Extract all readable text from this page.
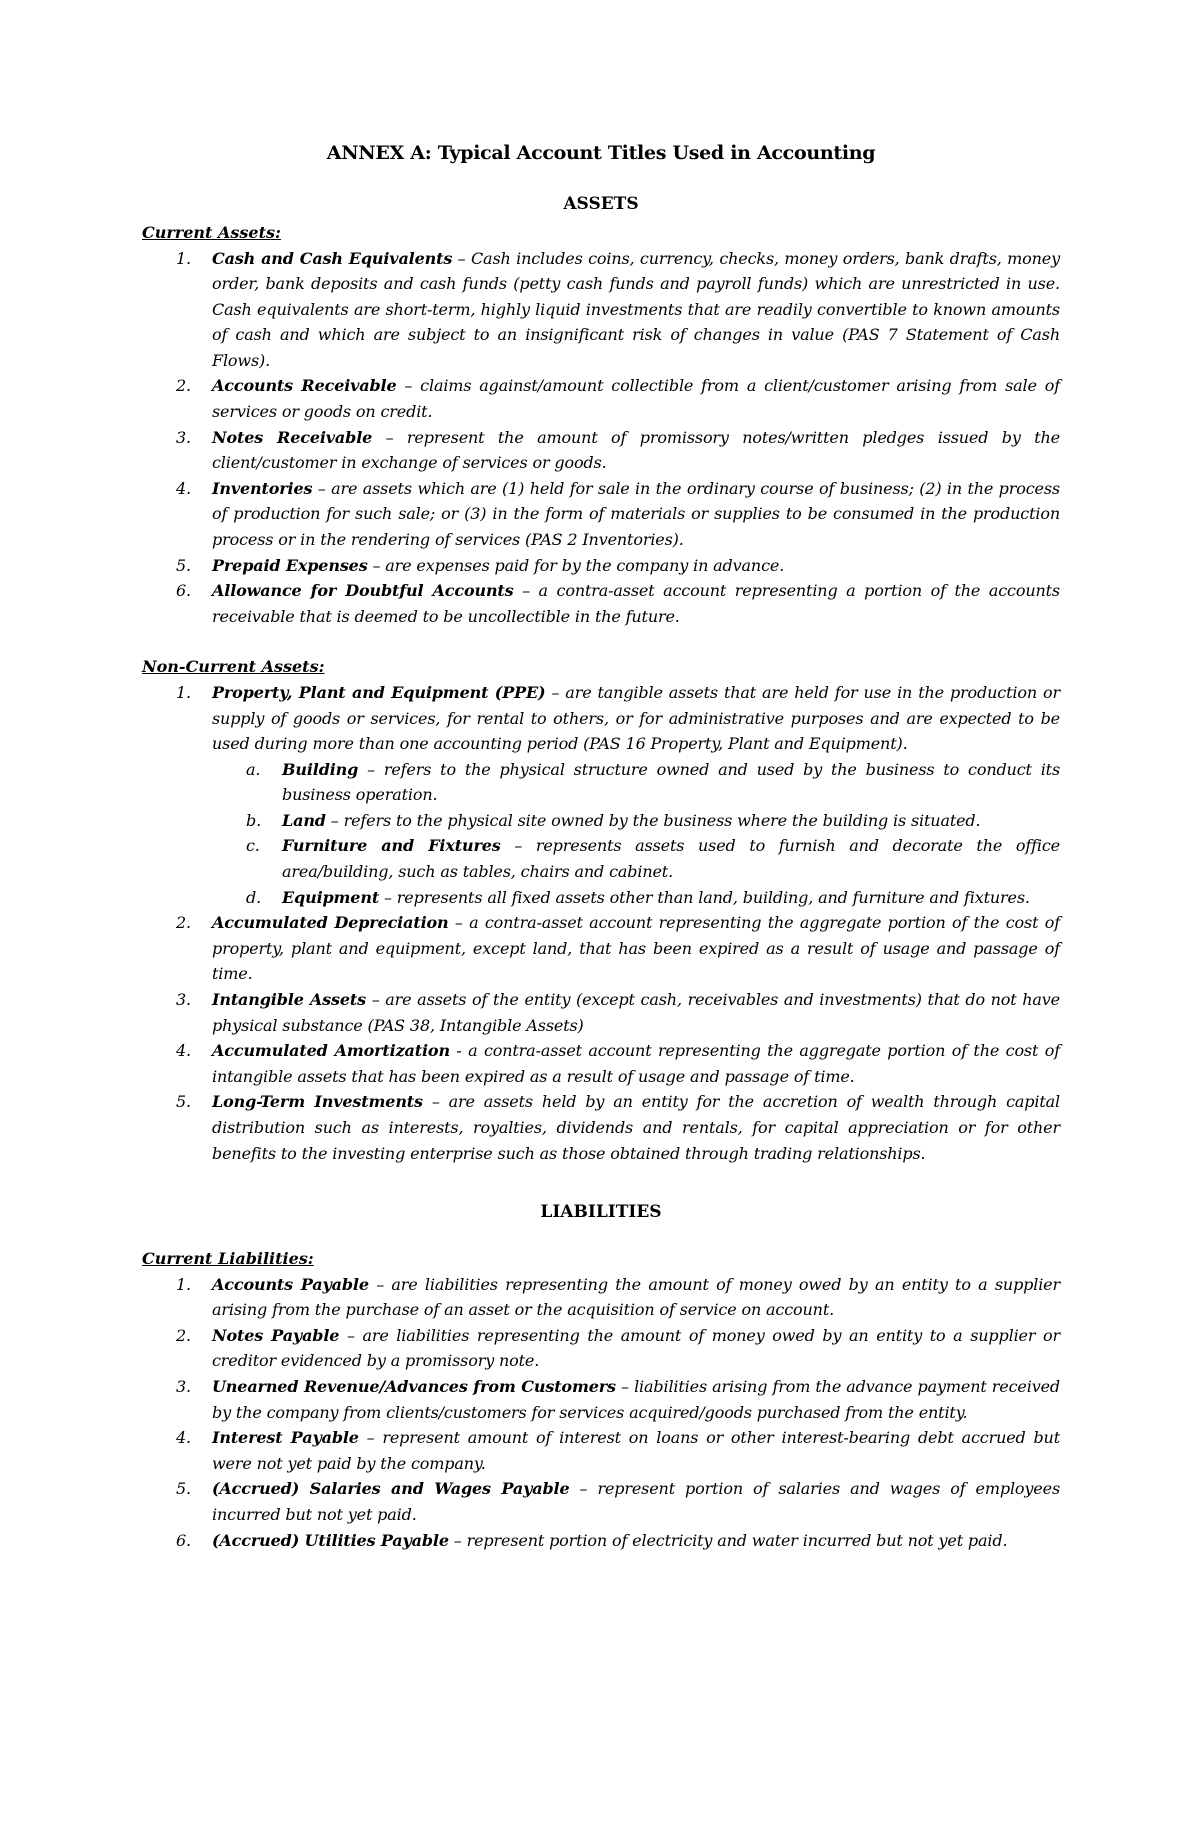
ANNEX A: Typical Account Titles Used in Accounting
ASSETS

Current Assets:

1. Cash and Cash Equivalents – Cash includes coins, currency, checks, money orders, bank drafts, money order, bank deposits and cash funds (petty cash funds and payroll funds) which are unrestricted in use. Cash equivalents are short-term, highly liquid investments that are readily convertible to known amounts of cash and which are subject to an insignificant risk of changes in value (PAS 7 Statement of Cash Flows).
2. Accounts Receivable – claims against/amount collectible from a client/customer arising from sale of services or goods on credit.
3. Notes Receivable – represent the amount of promissory notes/written pledges issued by the client/customer in exchange of services or goods.
4. Inventories – are assets which are (1) held for sale in the ordinary course of business; (2) in the process of production for such sale; or (3) in the form of materials or supplies to be consumed in the production process or in the rendering of services (PAS 2 Inventories).
5. Prepaid Expenses – are expenses paid for by the company in advance.
6. Allowance for Doubtful Accounts – a contra-asset account representing a portion of the accounts receivable that is deemed to be uncollectible in the future.

Non-Current Assets:

1. Property, Plant and Equipment (PPE) – are tangible assets that are held for use in the production or supply of goods or services, for rental to others, or for administrative purposes and are expected to be used during more than one accounting period (PAS 16 Property, Plant and Equipment).
a. Building – refers to the physical structure owned and used by the business to conduct its business operation.
b. Land – refers to the physical site owned by the business where the building is situated.
c. Furniture and Fixtures – represents assets used to furnish and decorate the office area/building, such as tables, chairs and cabinet.
d. Equipment – represents all fixed assets other than land, building, and furniture and fixtures.
2. Accumulated Depreciation – a contra-asset account representing the aggregate portion of the cost of property, plant and equipment, except land, that has been expired as a result of usage and passage of time.
3. Intangible Assets – are assets of the entity (except cash, receivables and investments) that do not have physical substance (PAS 38, Intangible Assets)
4. Accumulated Amortization - a contra-asset account representing the aggregate portion of the cost of intangible assets that has been expired as a result of usage and passage of time.
5. Long-Term Investments – are assets held by an entity for the accretion of wealth through capital distribution such as interests, royalties, dividends and rentals, for capital appreciation or for other benefits to the investing enterprise such as those obtained through trading relationships.
LIABILITIES

Current Liabilities:

1. Accounts Payable – are liabilities representing the amount of money owed by an entity to a supplier arising from the purchase of an asset or the acquisition of service on account.
2. Notes Payable – are liabilities representing the amount of money owed by an entity to a supplier or creditor evidenced by a promissory note.
3. Unearned Revenue/Advances from Customers – liabilities arising from the advance payment received by the company from clients/customers for services acquired/goods purchased from the entity.
4. Interest Payable – represent amount of interest on loans or other interest-bearing debt accrued but were not yet paid by the company.
5. (Accrued) Salaries and Wages Payable – represent portion of salaries and wages of employees incurred but not yet paid.
6. (Accrued) Utilities Payable – represent portion of electricity and water incurred but not yet paid.
